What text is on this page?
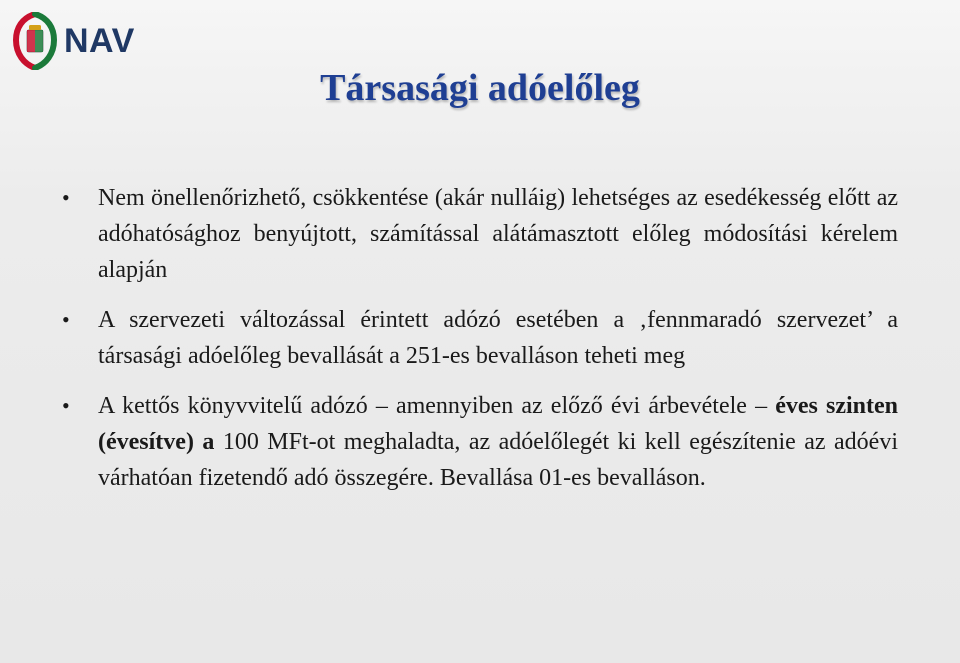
NAV
Társasági adóelőleg
•	Nem önellenőrizhető, csökkentése (akár nulláig) lehetséges az esedékesség előtt az adóhatósághoz benyújtott, számítással alátámasztott előleg módosítási kérelem alapján
•	A szervezeti változással érintett adózó esetében a ‚fennmaradó szervezet’ a társasági adóelőleg bevallását a 251-es bevalláson teheti meg
•	A kettős könyvvitelű adózó – amennyiben az előző évi árbevétele – éves szinten (évesítve) a 100 MFt-ot meghaladta, az adóelőlegét ki kell egészítenie az adóévi várhatóan fizetendő adó összegére. Bevallása 01-es bevalláson.
